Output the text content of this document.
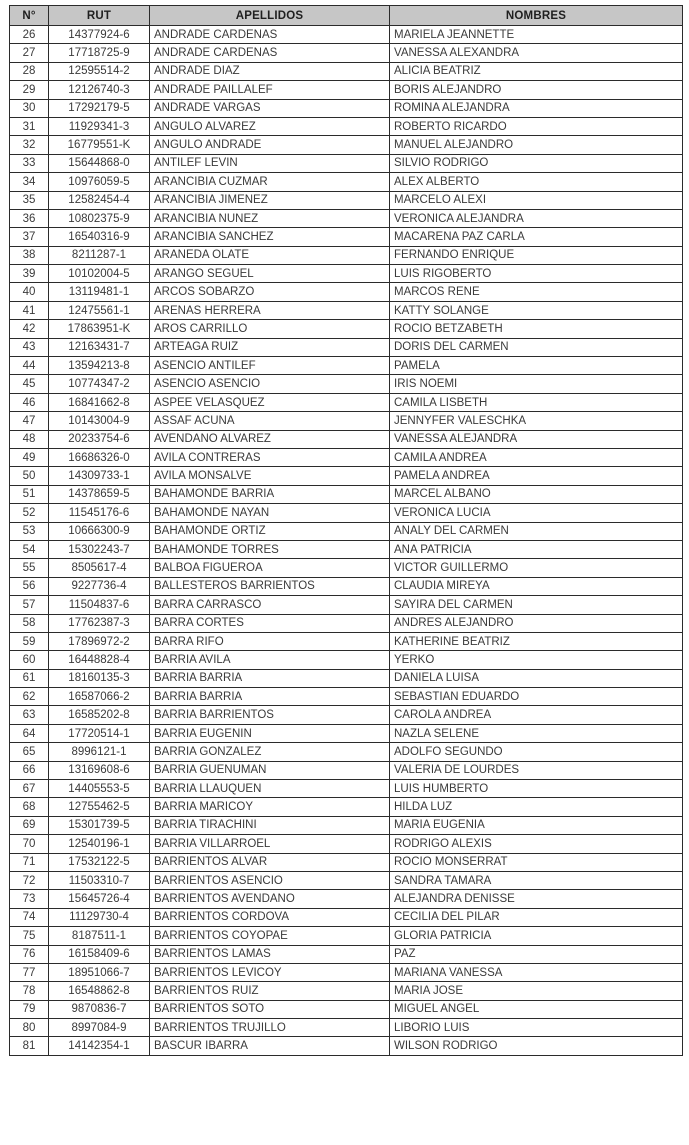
N°	RUT	APELLIDOS	NOMBRES
26	14377924-6	ANDRADE CARDENAS	MARIELA JEANNETTE
27	17718725-9	ANDRADE CARDENAS	VANESSA ALEXANDRA
28	12595514-2	ANDRADE DIAZ	ALICIA BEATRIZ
29	12126740-3	ANDRADE PAILLALEF	BORIS ALEJANDRO
30	17292179-5	ANDRADE VARGAS	ROMINA ALEJANDRA
31	11929341-3	ANGULO ALVAREZ	ROBERTO RICARDO
32	16779551-K	ANGULO ANDRADE	MANUEL ALEJANDRO
33	15644868-0	ANTILEF LEVIN	SILVIO RODRIGO
34	10976059-5	ARANCIBIA CUZMAR	ALEX ALBERTO
35	12582454-4	ARANCIBIA JIMENEZ	MARCELO ALEXI
36	10802375-9	ARANCIBIA NUNEZ	VERONICA ALEJANDRA
37	16540316-9	ARANCIBIA SANCHEZ	MACARENA PAZ CARLA
38	8211287-1	ARANEDA OLATE	FERNANDO ENRIQUE
39	10102004-5	ARANGO SEGUEL	LUIS RIGOBERTO
40	13119481-1	ARCOS SOBARZO	MARCOS RENE
41	12475561-1	ARENAS HERRERA	KATTY SOLANGE
42	17863951-K	AROS CARRILLO	ROCIO BETZABETH
43	12163431-7	ARTEAGA RUIZ	DORIS DEL CARMEN
44	13594213-8	ASENCIO ANTILEF	PAMELA
45	10774347-2	ASENCIO ASENCIO	IRIS NOEMI
46	16841662-8	ASPEE VELASQUEZ	CAMILA LISBETH
47	10143004-9	ASSAF ACUNA	JENNYFER VALESCHKA
48	20233754-6	AVENDANO ALVAREZ	VANESSA ALEJANDRA
49	16686326-0	AVILA CONTRERAS	CAMILA ANDREA
50	14309733-1	AVILA MONSALVE	PAMELA ANDREA
51	14378659-5	BAHAMONDE BARRIA	MARCEL ALBANO
52	11545176-6	BAHAMONDE NAYAN	VERONICA LUCIA
53	10666300-9	BAHAMONDE ORTIZ	ANALY DEL CARMEN
54	15302243-7	BAHAMONDE TORRES	ANA PATRICIA
55	8505617-4	BALBOA FIGUEROA	VICTOR GUILLERMO
56	9227736-4	BALLESTEROS BARRIENTOS	CLAUDIA MIREYA
57	11504837-6	BARRA CARRASCO	SAYIRA DEL CARMEN
58	17762387-3	BARRA CORTES	ANDRES ALEJANDRO
59	17896972-2	BARRA RIFO	KATHERINE BEATRIZ
60	16448828-4	BARRIA AVILA	YERKO
61	18160135-3	BARRIA BARRIA	DANIELA LUISA
62	16587066-2	BARRIA BARRIA	SEBASTIAN EDUARDO
63	16585202-8	BARRIA BARRIENTOS	CAROLA ANDREA
64	17720514-1	BARRIA EUGENIN	NAZLA SELENE
65	8996121-1	BARRIA GONZALEZ	ADOLFO SEGUNDO
66	13169608-6	BARRIA GUENUMAN	VALERIA DE LOURDES
67	14405553-5	BARRIA LLAUQUEN	LUIS HUMBERTO
68	12755462-5	BARRIA MARICOY	HILDA LUZ
69	15301739-5	BARRIA TIRACHINI	MARIA EUGENIA
70	12540196-1	BARRIA VILLARROEL	RODRIGO ALEXIS
71	17532122-5	BARRIENTOS ALVAR	ROCIO MONSERRAT
72	11503310-7	BARRIENTOS ASENCIO	SANDRA TAMARA
73	15645726-4	BARRIENTOS AVENDANO	ALEJANDRA DENISSE
74	11129730-4	BARRIENTOS CORDOVA	CECILIA DEL PILAR
75	8187511-1	BARRIENTOS COYOPAE	GLORIA PATRICIA
76	16158409-6	BARRIENTOS LAMAS	PAZ
77	18951066-7	BARRIENTOS LEVICOY	MARIANA VANESSA
78	16548862-8	BARRIENTOS RUIZ	MARIA JOSE
79	9870836-7	BARRIENTOS SOTO	MIGUEL ANGEL
80	8997084-9	BARRIENTOS TRUJILLO	LIBORIO LUIS
81	14142354-1	BASCUR IBARRA	WILSON RODRIGO
